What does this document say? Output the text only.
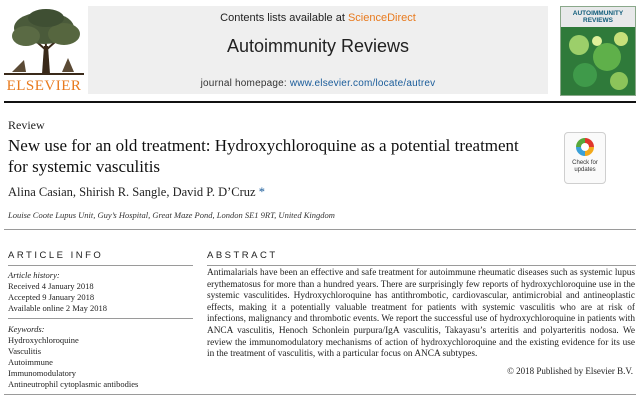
ELSEVIER
Contents lists available at ScienceDirect
Autoimmunity Reviews
journal homepage: www.elsevier.com/locate/autrev
AUTOIMMUNITY REVIEWS
Review
New use for an old treatment: Hydroxychloroquine as a potential treatment for systemic vasculitis
Alina Casian, Shirish R. Sangle, David P. D’Cruz *
Louise Coote Lupus Unit, Guy’s Hospital, Great Maze Pond, London SE1 9RT, United Kingdom
Check for updates
ARTICLE INFO
Article history:
Received 4 January 2018
Accepted 9 January 2018
Available online 2 May 2018
Keywords:
Hydroxychloroquine
Vasculitis
Autoimmune
Immunomodulatory
Antineutrophil cytoplasmic antibodies
ABSTRACT
Antimalarials have been an effective and safe treatment for autoimmune rheumatic diseases such as systemic lupus erythematosus for more than a hundred years. There are surprisingly few reports of hydroxychloroquine use in the systemic vasculitides. Hydroxychloroquine has antithrombotic, cardiovascular, antimicrobial and antineoplastic effects, making it a potentially valuable treatment for patients with systemic vasculitis who are at risk of infections, malignancy and thrombotic events. We report the successful use of hydroxychloroquine in patients with ANCA vasculitis, Henoch Schonlein purpura/IgA vasculitis, Takayasu’s arteritis and polyarteritis nodosa. We review the immunomodulatory mechanisms of action of hydroxychloroquine and the existing evidence for its use in the treatment of vasculitis, with a particular focus on ANCA subtypes.
© 2018 Published by Elsevier B.V.
